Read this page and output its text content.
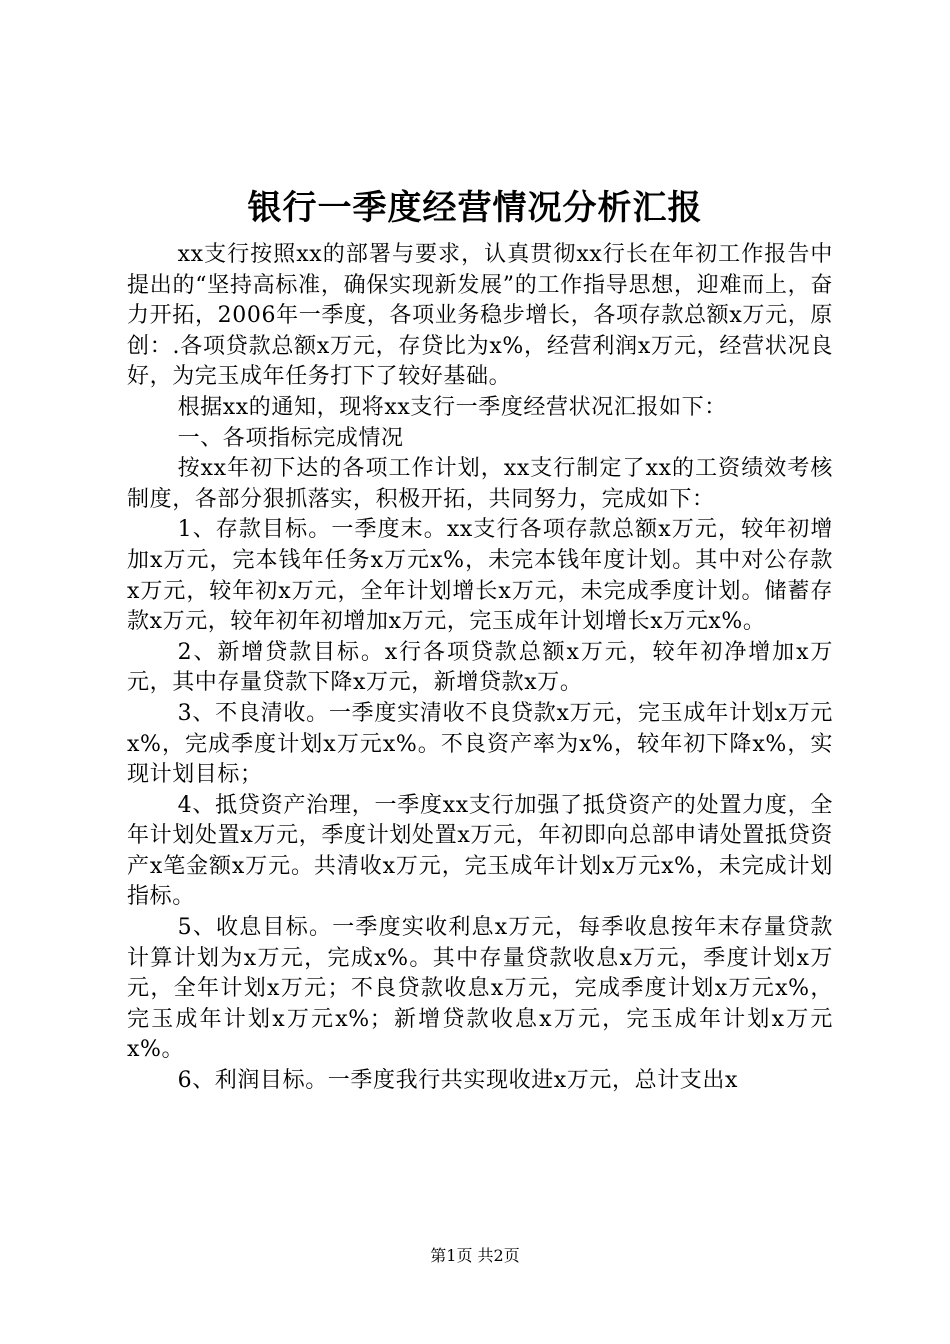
银行一季度经营情况分析汇报

xx支行按照xx的部署与要求，认真贯彻xx行长在年初工作报告中提出的“坚持高标准，确保实现新发展”的工作指导思想，迎难而上，奋力开拓，2006年一季度，各项业务稳步增长，各项存款总额x万元，原创：.各项贷款总额x万元，存贷比为x%，经营利润x万元，经营状况良好，为完玉成年任务打下了较好基础。

根据xx的通知，现将xx支行一季度经营状况汇报如下：

一、各项指标完成情况

按xx年初下达的各项工作计划，xx支行制定了xx的工资绩效考核制度，各部分狠抓落实，积极开拓，共同努力，完成如下：

1、存款目标。一季度末。xx支行各项存款总额x万元，较年初增加x万元，完本钱年任务x万元x%，未完本钱年度计划。其中对公存款x万元，较年初x万元，全年计划增长x万元，未完成季度计划。储蓄存款x万元，较年初年初增加x万元，完玉成年计划增长x万元x%。

2、新增贷款目标。x行各项贷款总额x万元，较年初净增加x万元，其中存量贷款下降x万元，新增贷款x万。

3、不良清收。一季度实清收不良贷款x万元，完玉成年计划x万元x%，完成季度计划x万元x%。不良资产率为x%，较年初下降x%，实现计划目标；

4、抵贷资产治理，一季度xx支行加强了抵贷资产的处置力度，全年计划处置x万元，季度计划处置x万元，年初即向总部申请处置抵贷资产x笔金额x万元。共清收x万元，完玉成年计划x万元x%，未完成计划指标。

5、收息目标。一季度实收利息x万元，每季收息按年末存量贷款计算计划为x万元，完成x%。其中存量贷款收息x万元，季度计划x万元，全年计划x万元；不良贷款收息x万元，完成季度计划x万元x%，完玉成年计划x万元x%；新增贷款收息x万元，完玉成年计划x万元x%。

6、利润目标。一季度我行共实现收进x万元，总计支出x

第1页 共2页
